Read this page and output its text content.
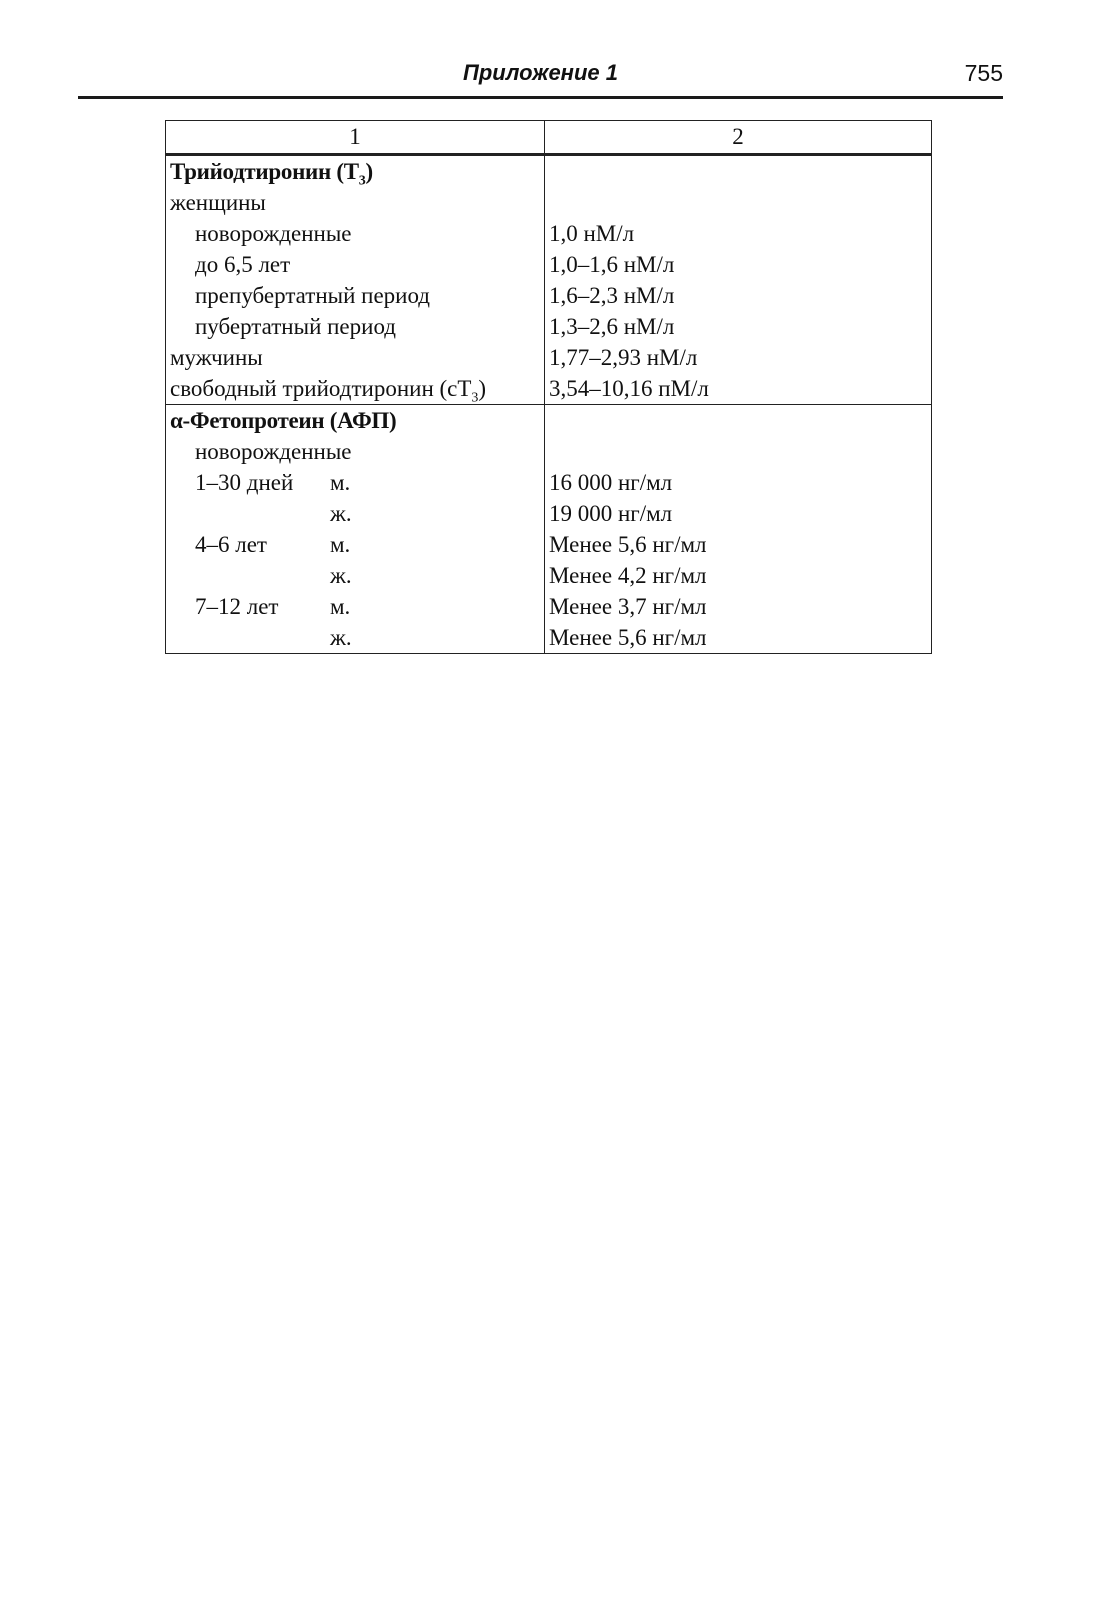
Приложение 1	755
1	2
Трийодтиронин $(T_3)$	
женщины	
новорожденные	1,0 нМ/л
до 6,5 лет	1,0–1,6 нМ/л
препубертатный период	1,6–2,3 нМ/л
пубертатный период	1,3–2,6 нМ/л
мужчины	1,77–2,93 нМ/л
свободный трийодтиронин $(cT_3)$	3,54–10,16 пМ/л
α-Фетопротеин (АФП)	
новорожденные	
1–30 дней м.	16 000 нг/мл
ж.	19 000 нг/мл
4–6 лет м.	Менее 5,6 нг/мл
ж.	Менее 4,2 нг/мл
7–12 лет м.	Менее 3,7 нг/мл
ж.	Менее 5,6 нг/мл
